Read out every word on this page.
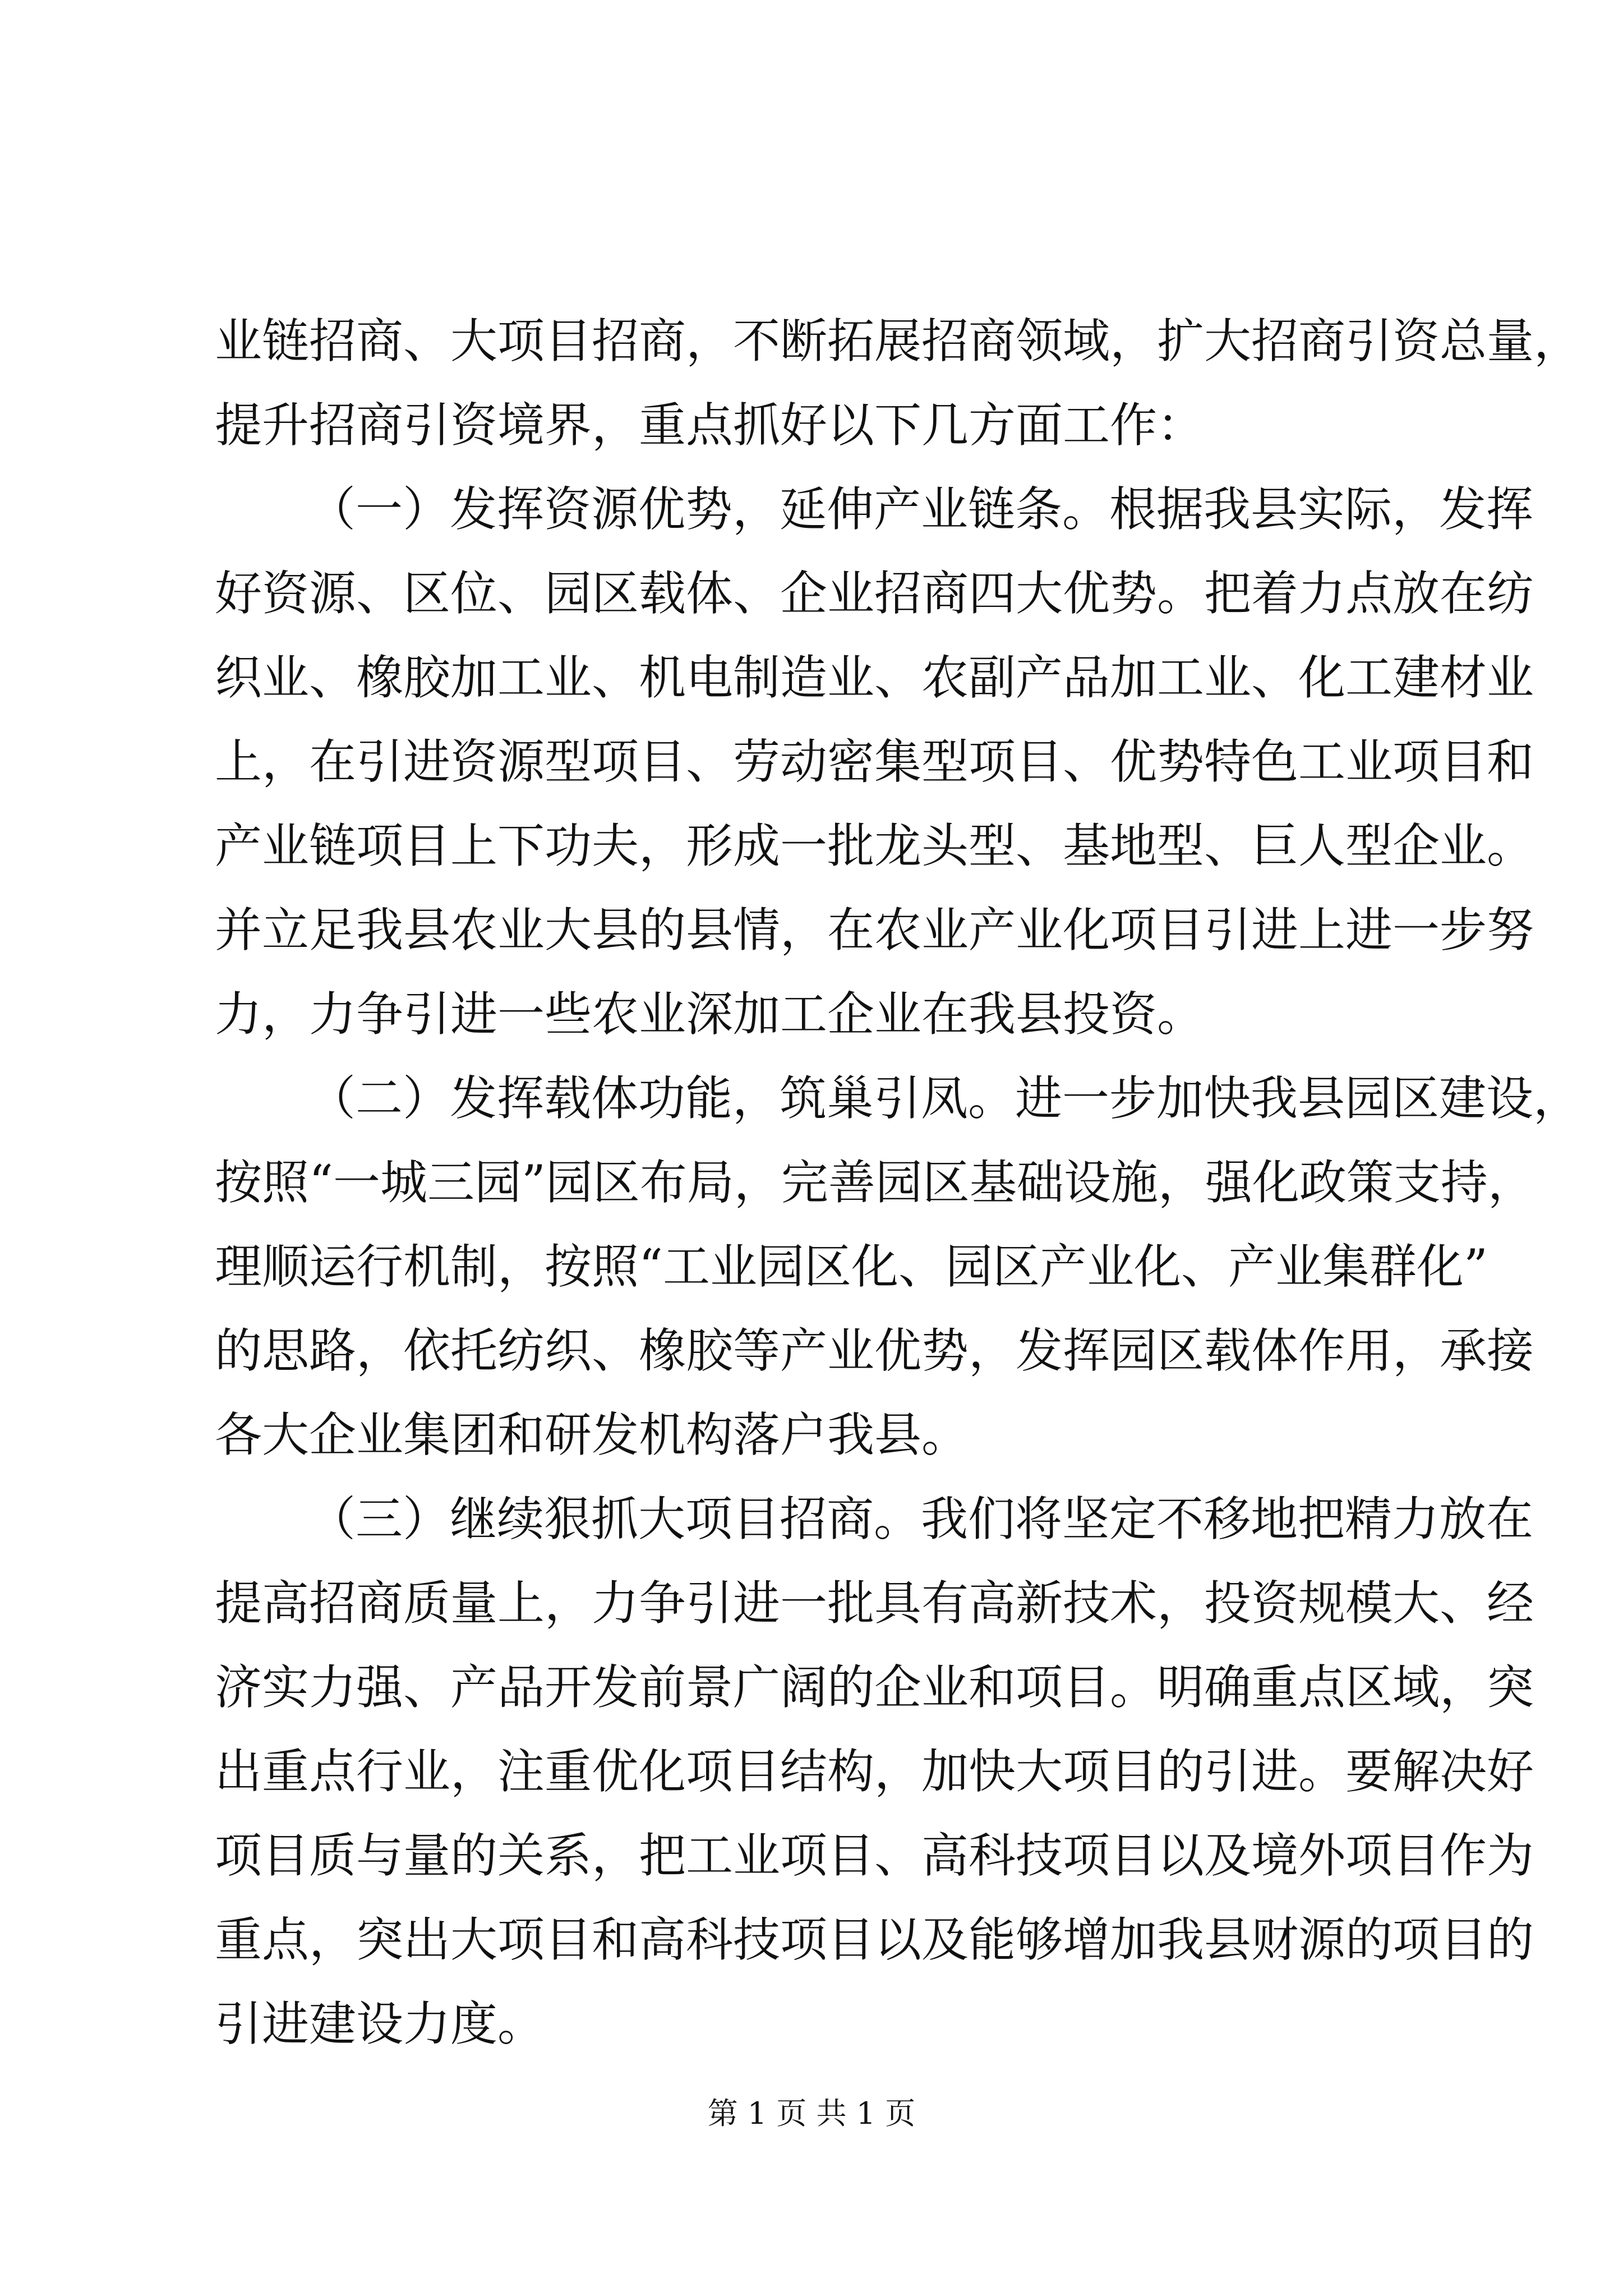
业链招商、大项目招商，不断拓展招商领域，扩大招商引资总量，
提升招商引资境界，重点抓好以下几方面工作：
（一）发挥资源优势，延伸产业链条。根据我县实际，发挥
好资源、区位、园区载体、企业招商四大优势。把着力点放在纺
织业、橡胶加工业、机电制造业、农副产品加工业、化工建材业
上，在引进资源型项目、劳动密集型项目、优势特色工业项目和
产业链项目上下功夫，形成一批龙头型、基地型、巨人型企业。
并立足我县农业大县的县情，在农业产业化项目引进上进一步努
力，力争引进一些农业深加工企业在我县投资。
（二）发挥载体功能，筑巢引凤。进一步加快我县园区建设，
按照“一城三园”园区布局，完善园区基础设施，强化政策支持，
理顺运行机制，按照“工业园区化、园区产业化、产业集群化”
的思路，依托纺织、橡胶等产业优势，发挥园区载体作用，承接
各大企业集团和研发机构落户我县。
（三）继续狠抓大项目招商。我们将坚定不移地把精力放在
提高招商质量上，力争引进一批具有高新技术，投资规模大、经
济实力强、产品开发前景广阔的企业和项目。明确重点区域，突
出重点行业，注重优化项目结构，加快大项目的引进。要解决好
项目质与量的关系，把工业项目、高科技项目以及境外项目作为
重点，突出大项目和高科技项目以及能够增加我县财源的项目的
引进建设力度。
第 1 页 共 1 页
